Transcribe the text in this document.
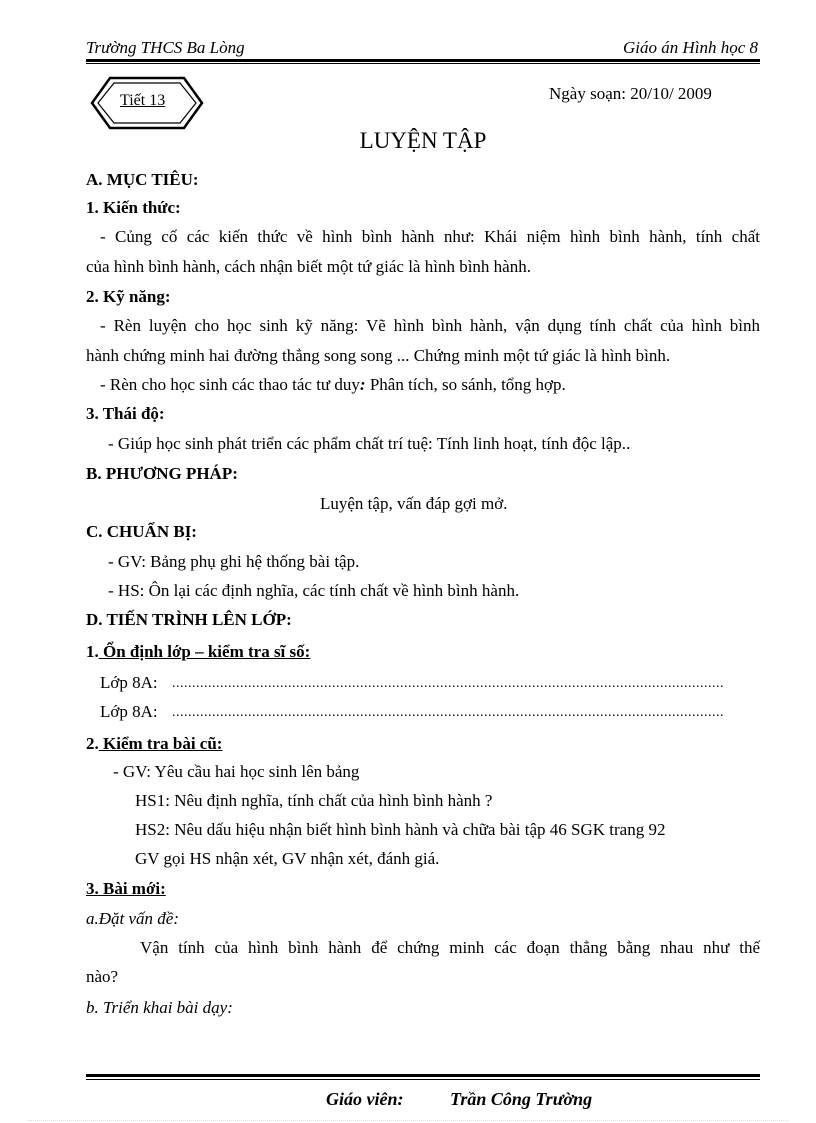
Trường THCS Ba Lòng	Giáo án Hình học 8
Tiết 13	Ngày soạn: 20/10/ 2009
LUYỆN TẬP
A. MỤC TIÊU:
1. Kiến thức:
- Củng cố các kiến thức về hình bình hành như: Khái niệm hình bình hành, tính chất
của hình bình hành, cách nhận biết một tứ giác là hình bình hành.
2. Kỹ năng:
- Rèn luyện cho học sinh kỹ năng: Vẽ hình bình hành, vận dụng tính chất của hình bình
hành chứng minh hai đường thẳng song song ... Chứng minh một tứ giác là hình bình.
- Rèn cho học sinh các thao tác tư duy: Phân tích, so sánh, tổng hợp.
3. Thái độ:
- Giúp học sinh phát triển các phẩm chất trí tuệ: Tính linh hoạt, tính độc lập..
B. PHƯƠNG PHÁP:
Luyện tập, vấn đáp gợi mở.
C. CHUẨN BỊ:
- GV: Bảng phụ ghi hệ thống bài tập.
- HS: Ôn lại các định nghĩa, các tính chất về hình bình hành.
D. TIẾN TRÌNH LÊN LỚP:
1. Ổn định lớp – kiểm tra sĩ số:
Lớp 8A: ..........................................................................................................................................
Lớp 8A: ..........................................................................................................................................
2. Kiểm tra bài cũ:
- GV: Yêu cầu hai học sinh lên bảng
HS1: Nêu định nghĩa, tính chất của hình bình hành ?
HS2: Nêu dấu hiệu nhận biết hình bình hành và chữa bài tập 46 SGK trang 92
GV gọi HS nhận xét, GV nhận xét, đánh giá.
3. Bài mới:
a.Đặt vấn đề:
Vận tính của hình bình hành để chứng minh các đoạn thẳng bằng nhau như thế
nào?
b. Triển khai bài dạy:
Giáo viên:	Trần Công Trường
